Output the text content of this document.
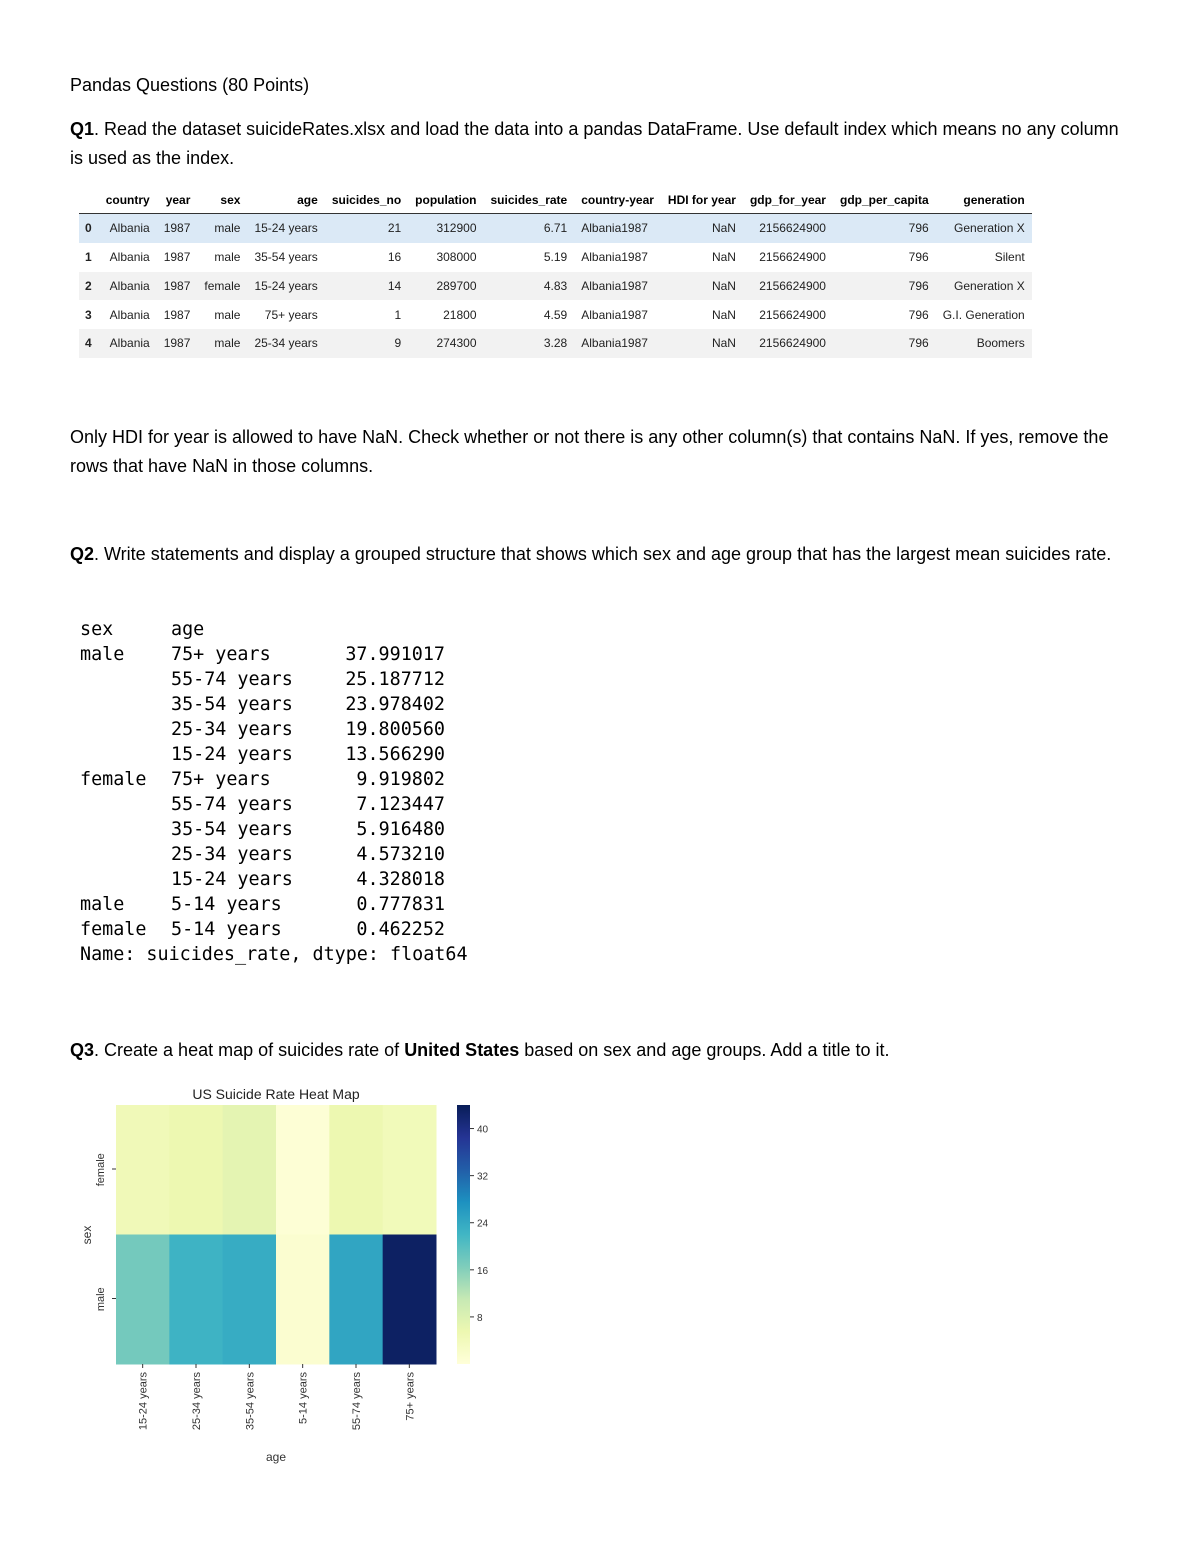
Pandas Questions (80 Points)
Q1. Read the dataset suicideRates.xlsx and load the data into a pandas DataFrame. Use default index which means no any column is used as the index.
	country	year	sex	age	suicides_no	population	suicides_rate	country-year	HDI for year	gdp_for_year	gdp_per_capita	generation
0	Albania	1987	male	15-24 years	21	312900	6.71	Albania1987	NaN	2156624900	796	Generation X
1	Albania	1987	male	35-54 years	16	308000	5.19	Albania1987	NaN	2156624900	796	Silent
2	Albania	1987	female	15-24 years	14	289700	4.83	Albania1987	NaN	2156624900	796	Generation X
3	Albania	1987	male	75+ years	1	21800	4.59	Albania1987	NaN	2156624900	796	G.I. Generation
4	Albania	1987	male	25-34 years	9	274300	3.28	Albania1987	NaN	2156624900	796	Boomers
Only HDI for year is allowed to have NaN. Check whether or not there is any other column(s) that contains NaN. If yes, remove the rows that have NaN in those columns.
Q2. Write statements and display a grouped structure that shows which sex and age group that has the largest mean suicides rate.
sex	age
male	75+ years	37.991017
55-74 years	25.187712
35-54 years	23.978402
25-34 years	19.800560
15-24 years	13.566290
female 75+ years	9.919802
55-74 years	7.123447
35-54 years	5.916480
25-34 years	4.573210
15-24 years	4.328018
male	5-14 years	0.777831
female 5-14 years	0.462252
Name: suicides_rate, dtype: float64
Q3. Create a heat map of suicides rate of United States based on sex and age groups. Add a title to it.
US Suicide Rate Heat Map
15-24 years	25-34 years	35-54 years	5-14 years	55-74 years	75+ years
female
male
age
sex
8
16
24
32
40
